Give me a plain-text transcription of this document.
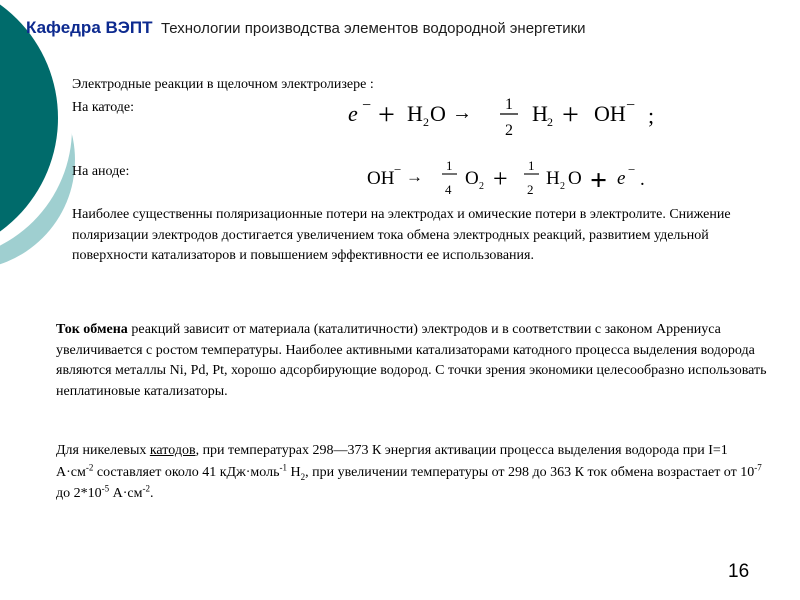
Кафедра ВЭПТ Технологии производства элементов водородной энергетики
Электродные реакции в щелочном электролизере :
На катоде:
На аноде:
e − + H 2 O → 1
2
H 2 + OH − ;
OH − →
1
4
O 2 + 1
2
H 2 O + e − .
Наиболее существенны поляризационные потери на электродах и омические потери в электролите. Снижение поляризации электродов достигается увеличением тока обмена электродных реакций, развитием удельной поверхности катализаторов и повышением эффективности ее использования.
Ток обмена реакций зависит от материала (каталитичности) электродов и в соответствии с законом Аррениуса увеличивается с ростом температуры. Наиболее активными катализаторами катодного процесса выделения водорода являются металлы Ni, Pd, Pt, хорошо адсорбирующие водород. С точки зрения экономики целесообразно использовать неплатиновые катализаторы.
Для никелевых катодов, при температурах 298—373 К энергия активации процесса выделения водорода при I=1 $А\cdot см^{-2}$ составляет около 41 кДж·моль$^{-1}$ $H_2$, при увеличении температуры от 298 до 363 К ток обмена возрастает от $10^{-7}$ до $2*10^{-5}$ $А\cdot см^{-2}$.
16
